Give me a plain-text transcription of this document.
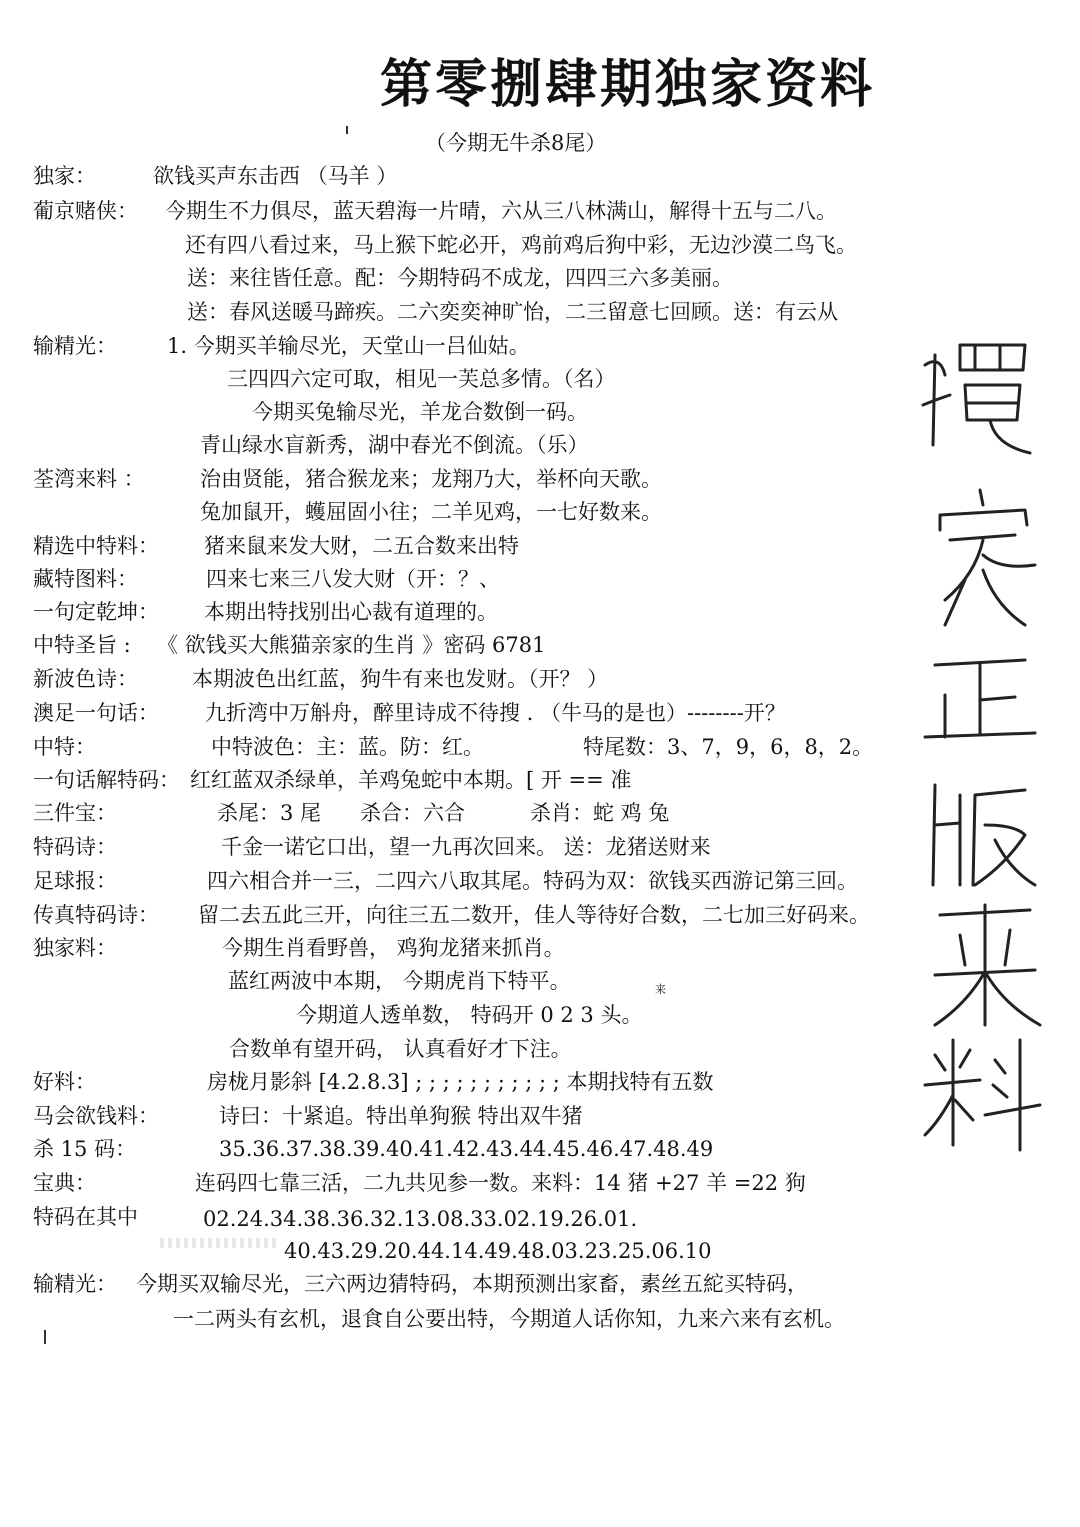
第零捌肆期独家资料
（今期无牛杀8尾）
独家：	欲钱买声东击西 （马羊 ）
葡京赌侠： 今期生不力俱尽，蓝天碧海一片晴，六从三八林满山，解得十五与二八。
还有四八看过来，马上猴下蛇必开，鸡前鸡后狗中彩，无边沙漠二鸟飞。
送：来往皆任意。配：今期特码不成龙，四四三六多美丽。
送：春风送暖马蹄疾。二六奕奕神旷怡，二三留意七回顾。送：有云从
输精光： 1. 今期买羊输尽光，天堂山一吕仙姑。
三四四六定可取，相见一芙总多情。（名）
今期买兔输尽光，羊龙合数倒一码。
青山绿水盲新秀，湖中春光不倒流。（乐）
荃湾来料 ：	治由贤能，猪合猴龙来；龙翔乃大，举杯向天歌。
兔加鼠开，蠖屈固小往；二羊见鸡，一七好数来。
精选中特料： 猪来鼠来发大财，二五合数来出特
藏特图料：	四来七来三八发大财（开：？、
一句定乾坤： 本期出特找别出心裁有道理的。
中特圣旨 : 《 欲钱买大熊猫亲家的生肖 》密码 6781
新波色诗：	本期波色出红蓝，狗牛有来也发财。（开？ ）
澳足一句话： 九折湾中万斛舟，醉里诗成不待搜 . （牛马的是也）--------开？
中特：	中特波色：主：蓝。防：红。	特尾数：3、7，9，6，8，2。
一句话解特码： 红红蓝双杀绿单，羊鸡兔蛇中本期。[ 开 == 准
三件宝：	杀尾：3 尾 杀合：六合	杀肖：蛇 鸡 兔
特码诗：	千金一诺它口出，望一九再次回来。 送：龙猪送财来
足球报：	四六相合并一三，二四六八取其尾。特码为双：欲钱买西游记第三回。
传真特码诗： 留二去五此三开，向往三五二数开，佳人等待好合数，二七加三好码来。
独家料：	今期生肖看野兽， 鸡狗龙猪来抓肖。
蓝红两波中本期， 今期虎肖下特平。	来
今期道人透单数， 特码开 0 2 3 头。
合数单有望开码， 认真看好才下注。
好料：	房栊月影斜 [4.2.8.3] ; ; ; ; ; ; ; ; ; ; ; 本期找特有五数
马会欲钱料：	诗曰：十紧追。特出单狗猴 特出双牛猪
杀 15 码：	35.36.37.38.39.40.41.42.43.44.45.46.47.48.49
宝典：	连码四七靠三活，二九共见参一数。来料：14 猪 +27 羊 =22 狗
特码在其中	02.24.34.38.36.32.13.08.33.02.19.26.01.
40.43.29.20.44.14.49.48.03.23.25.06.10
输精光： 今期买双输尽光，三六两边猜特码，本期预测出家畜，素丝五紽买特码，
一二两头有玄机，退食自公要出特，今期道人话你知，九来六来有玄机。
